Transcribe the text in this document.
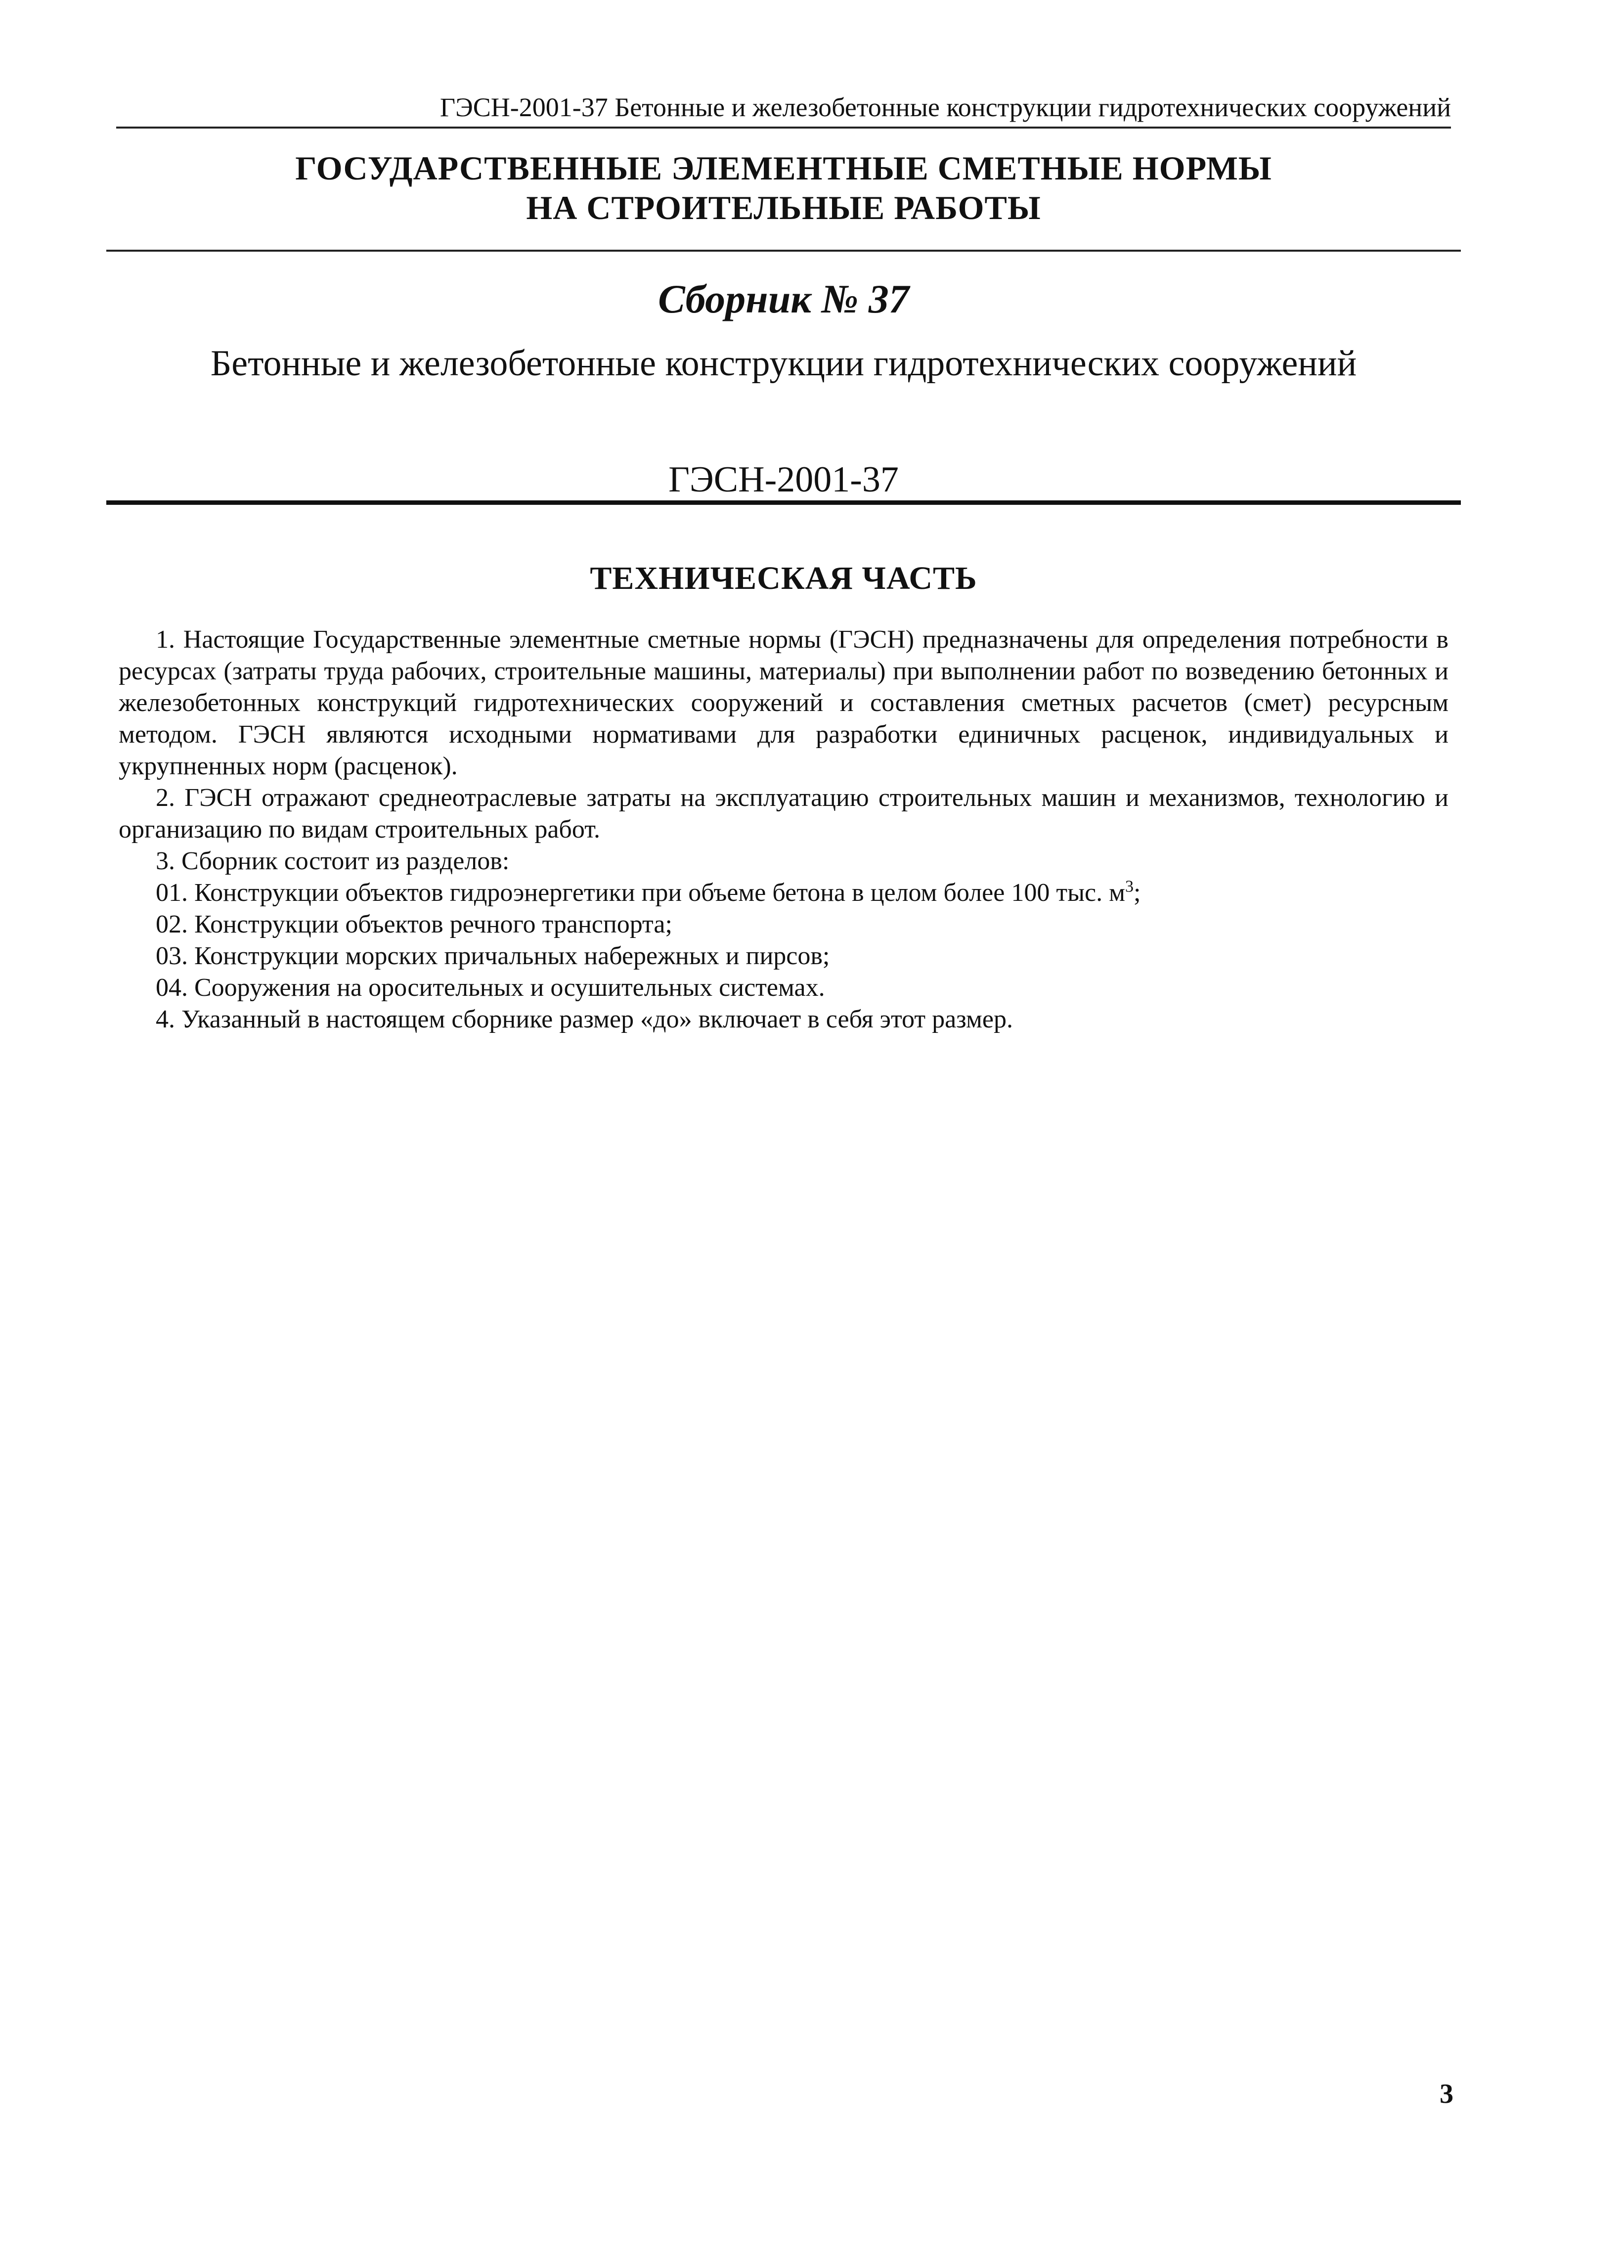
ГЭСН-2001-37 Бетонные и железобетонные конструкции гидротехнических сооружений
ГОСУДАРСТВЕННЫЕ ЭЛЕМЕНТНЫЕ СМЕТНЫЕ НОРМЫ
НА СТРОИТЕЛЬНЫЕ РАБОТЫ
Сборник № 37
Бетонные и железобетонные конструкции гидротехнических сооружений
ГЭСН-2001-37
ТЕХНИЧЕСКАЯ ЧАСТЬ

1. Настоящие Государственные элементные сметные нормы (ГЭСН) предназначены для определения потребности в ресурсах (затраты труда рабочих, строительные машины, материалы) при выполнении работ по возведению бетонных и железобетонных конструкций гидротехнических сооружений и составления сметных расчетов (смет) ресурсным методом. ГЭСН являются исходными нормативами для разработки единичных расценок, индивидуальных и укрупненных норм (расценок).

2. ГЭСН отражают среднеотраслевые затраты на эксплуатацию строительных машин и механизмов, технологию и организацию по видам строительных работ.

3. Сборник состоит из разделов:

01. Конструкции объектов гидроэнергетики при объеме бетона в целом более 100 тыс. $м^3$;

02. Конструкции объектов речного транспорта;

03. Конструкции морских причальных набережных и пирсов;

04. Сооружения на оросительных и осушительных системах.

4. Указанный в настоящем сборнике размер «до» включает в себя этот размер.

3
